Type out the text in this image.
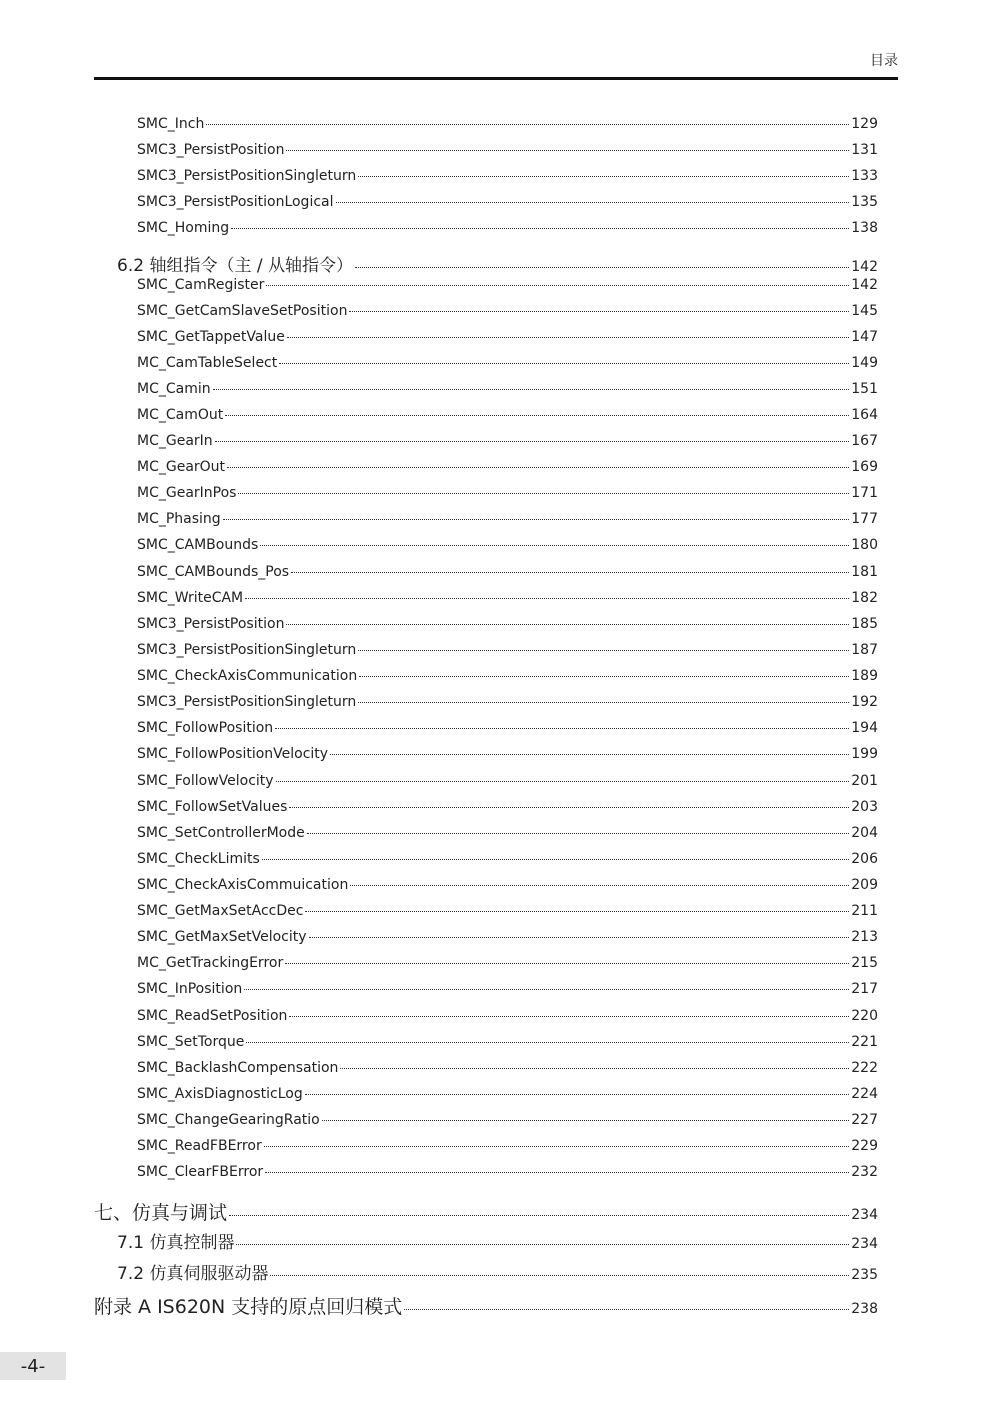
目录
SMC_Inch	129
SMC3_PersistPosition	131
SMC3_PersistPositionSingleturn	133
SMC3_PersistPositionLogical	135
SMC_Homing	138
6.2 轴组指令（主 / 从轴指令）	142
SMC_CamRegister	142
SMC_GetCamSlaveSetPosition	145
SMC_GetTappetValue	147
MC_CamTableSelect	149
MC_Camin	151
MC_CamOut	164
MC_GearIn	167
MC_GearOut	169
MC_GearInPos	171
MC_Phasing	177
SMC_CAMBounds	180
SMC_CAMBounds_Pos	181
SMC_WriteCAM	182
SMC3_PersistPosition	185
SMC3_PersistPositionSingleturn	187
SMC_CheckAxisCommunication	189
SMC3_PersistPositionSingleturn	192
SMC_FollowPosition	194
SMC_FollowPositionVelocity	199
SMC_FollowVelocity	201
SMC_FollowSetValues	203
SMC_SetControllerMode	204
SMC_CheckLimits	206
SMC_CheckAxisCommuication	209
SMC_GetMaxSetAccDec	211
SMC_GetMaxSetVelocity	213
MC_GetTrackingError	215
SMC_InPosition	217
SMC_ReadSetPosition	220
SMC_SetTorque	221
SMC_BacklashCompensation	222
SMC_AxisDiagnosticLog	224
SMC_ChangeGearingRatio	227
SMC_ReadFBError	229
SMC_ClearFBError	232
七、仿真与调试	234
7.1 仿真控制器	234
7.2 仿真伺服驱动器	235
附录 A IS620N 支持的原点回归模式	238
-4-
